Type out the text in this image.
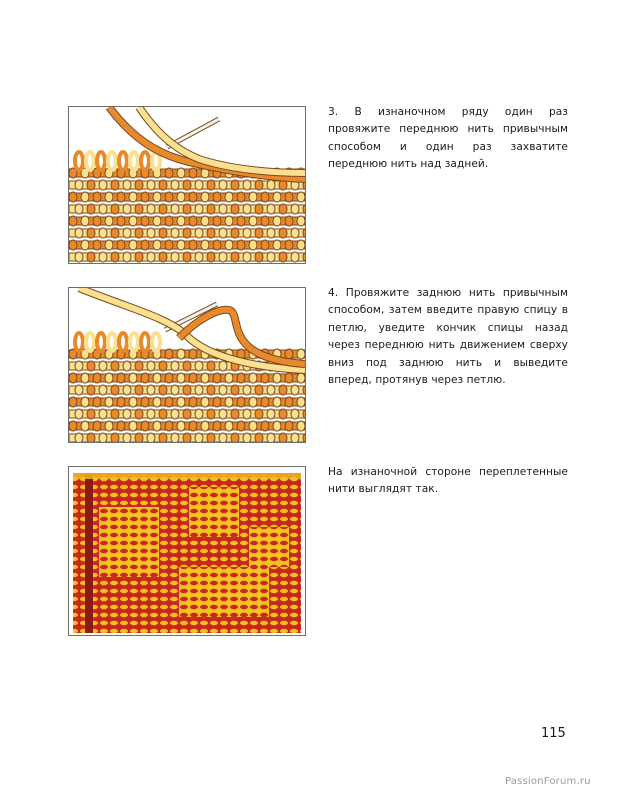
3. В изнаночном ряду один раз провяжите переднюю нить привычным способом и один раз захватите переднюю нить над задней.
4. Провяжите заднюю нить привычным способом, затем введите правую спицу в петлю, уведите кончик спицы назад через переднюю нить движением сверху вниз под заднюю нить и выведите вперед, протянув через петлю.
На изнаночной стороне переплетенные нити выглядят так.
115
PassionForum.ru
